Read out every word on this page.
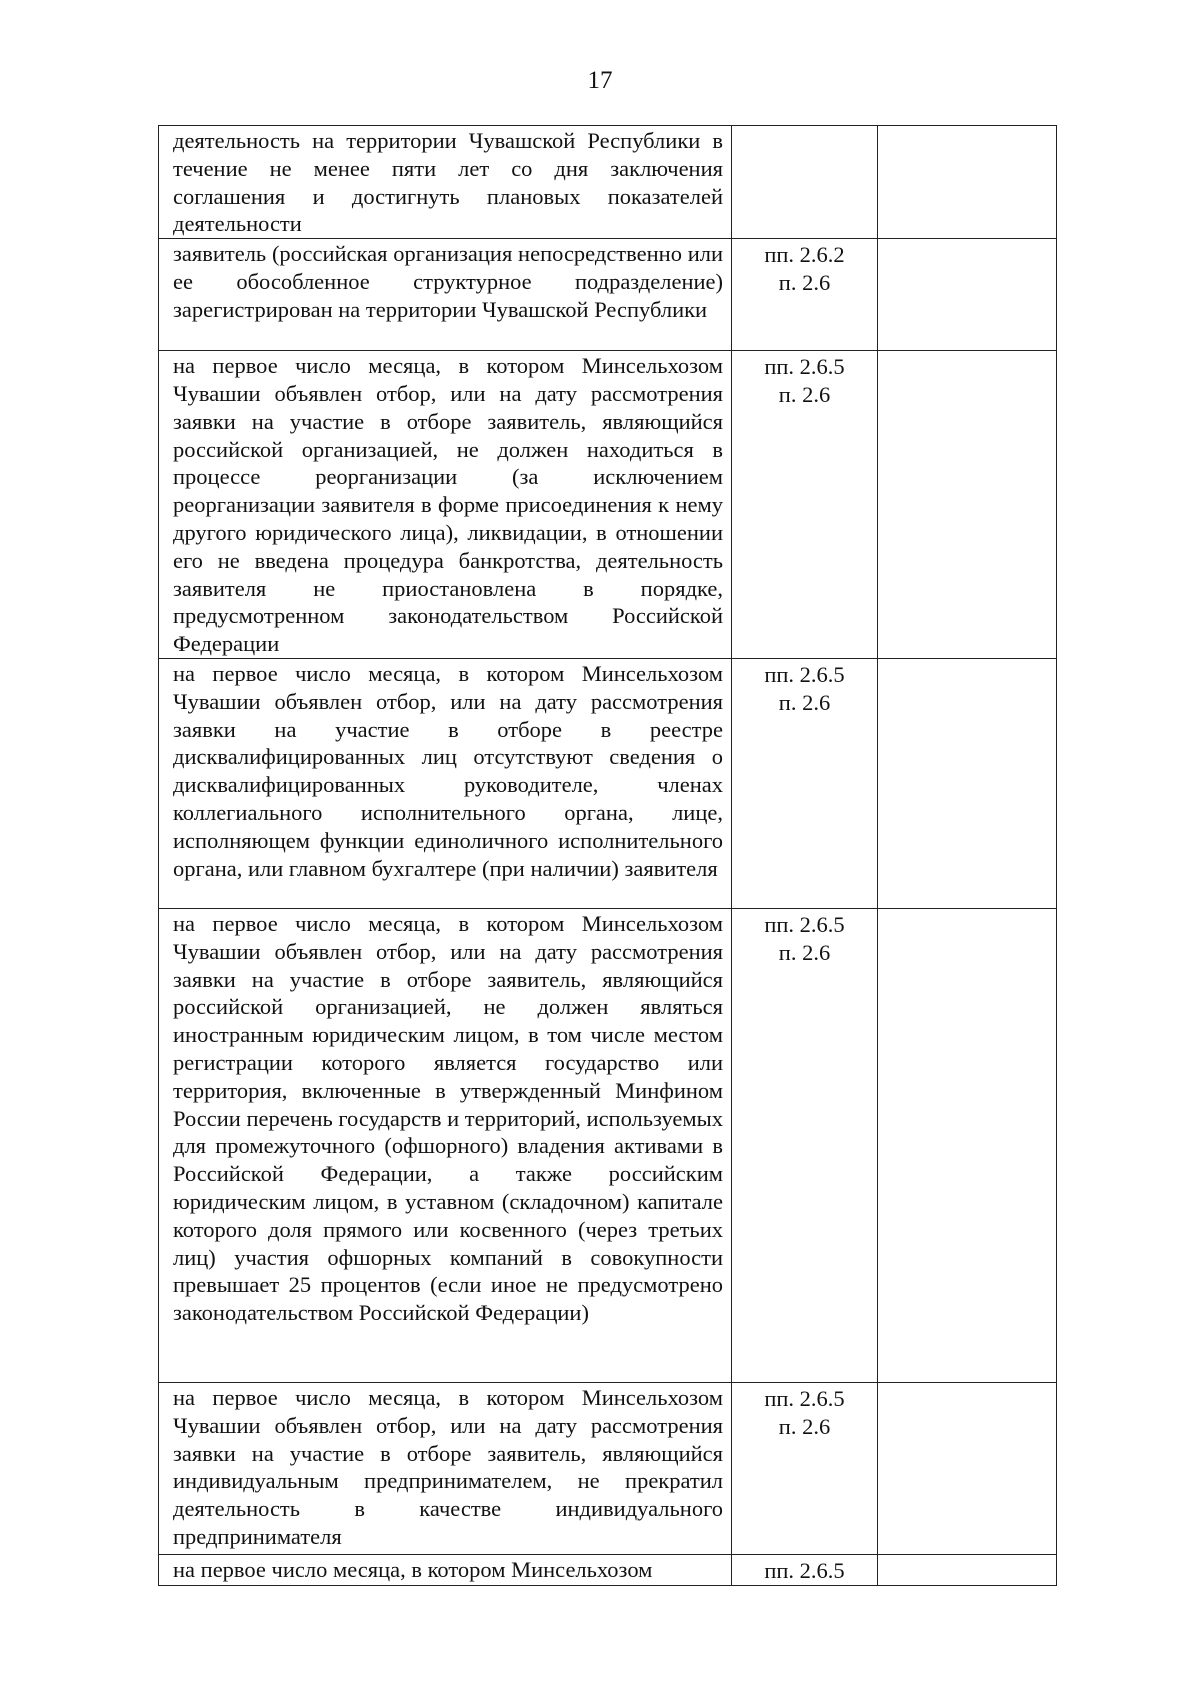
17
деятельность на территории Чувашской Республики в течение не менее пяти лет со дня заключения соглашения и достигнуть плановых показателей деятельности		

заявитель (российская организация непосредственно или ее обособленное структурное подразделение) зарегистрирован на территории Чувашской Республики	пп. 2.6.2
п. 2.6	

на первое число месяца, в котором Минсельхозом Чувашии объявлен отбор, или на дату рассмотрения заявки на участие в отборе заявитель, являющийся российской организацией, не должен находиться в процессе реорганизации (за исключением реорганизации заявителя в форме присоединения к нему другого юридического лица), ликвидации, в отношении его не введена процедура банкротства, деятельность заявителя не приостановлена в порядке, предусмотренном законодательством Российской Федерации	пп. 2.6.5
п. 2.6	

на первое число месяца, в котором Минсельхозом Чувашии объявлен отбор, или на дату рассмотрения заявки на участие в отборе в реестре дисквалифицированных лиц отсутствуют сведения о дисквалифицированных руководителе, членах коллегиального исполнительного органа, лице, исполняющем функции единоличного исполнительного органа, или главном бухгалтере (при наличии) заявителя	пп. 2.6.5
п. 2.6	

на первое число месяца, в котором Минсельхозом Чувашии объявлен отбор, или на дату рассмотрения заявки на участие в отборе заявитель, являющийся российской организацией, не должен являться иностранным юридическим лицом, в том числе местом регистрации которого является государство или территория, включенные в утвержденный Минфином России перечень государств и территорий, используемых для промежуточного (офшорного) владения активами в Российской Федерации, а также российским юридическим лицом, в уставном (складочном) капитале которого доля прямого или косвенного (через третьих лиц) участия офшорных компаний в совокупности превышает 25 процентов (если иное не предусмотрено законодательством Российской Федерации)	пп. 2.6.5
п. 2.6	

на первое число месяца, в котором Минсельхозом Чувашии объявлен отбор, или на дату рассмотрения заявки на участие в отборе заявитель, являющийся индивидуальным предпринимателем, не прекратил деятельность в качестве индивидуального предпринимателя	пп. 2.6.5
п. 2.6	

на первое число месяца, в котором Минсельхозом	пп. 2.6.5	
